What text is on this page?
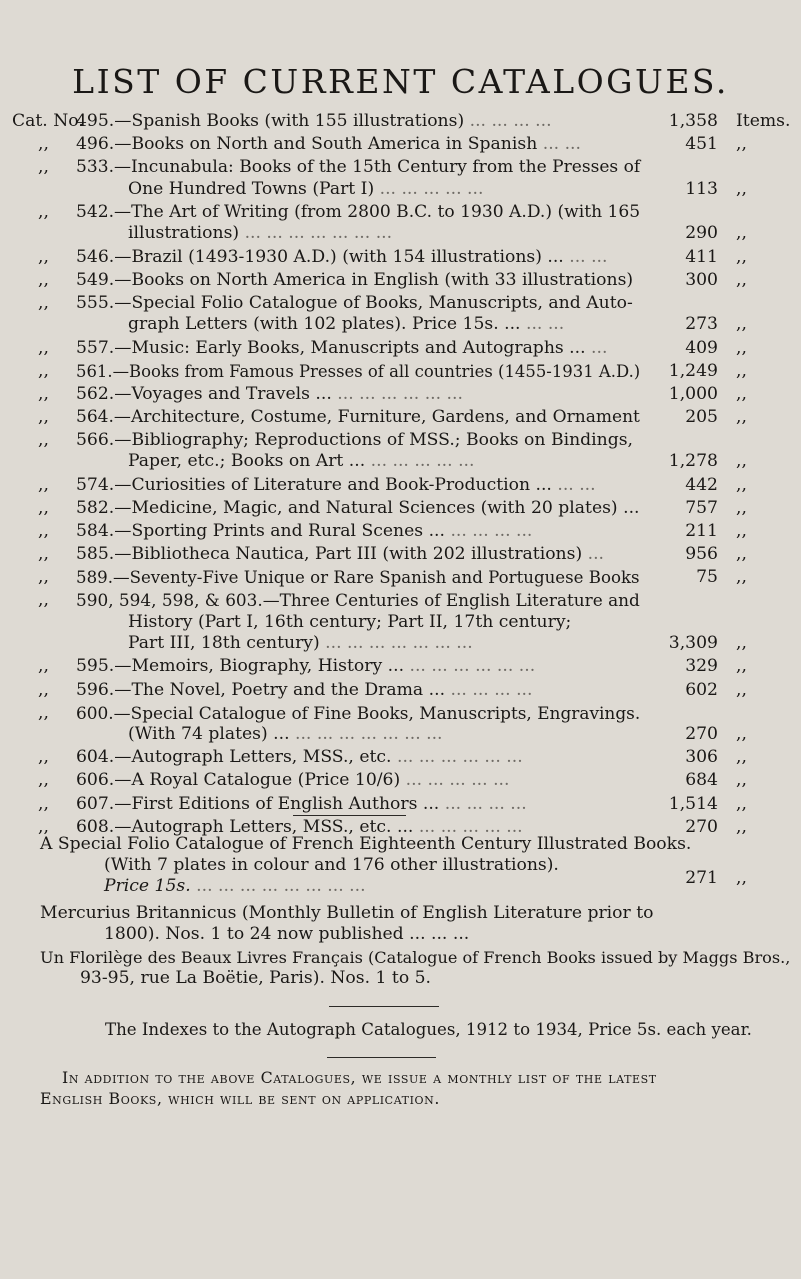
LIST OF CURRENT CATALOGUES.
Cat. No.
495.—Spanish Books (with 155 illustrations) ... ... ... ...	1,358 Items.
,, 496.—Books on North and South America in Spanish ... ...	451 ,,
,, 533.—Incunabula: Books of the 15th Century from the Presses of
One Hundred Towns (Part I) ... ... ... ... ...	113 ,,
,, 542.—The Art of Writing (from 2800 B.C. to 1930 A.D.) (with 165
illustrations) ... ... ... ... ... ... ...	290 ,,
,, 546.—Brazil (1493-1930 A.D.) (with 154 illustrations) ... ... ...	411 ,,
,, 549.—Books on North America in English (with 33 illustrations)	300 ,,
,, 555.—Special Folio Catalogue of Books, Manuscripts, and Auto-
graph Letters (with 102 plates). Price 15s. ... ... ...	273 ,,
,, 557.—Music: Early Books, Manuscripts and Autographs ... ...	409 ,,
,, 561.—Books from Famous Presses of all countries (1455-1931 A.D.)	1,249 ,,
,, 562.—Voyages and Travels ... ... ... ... ... ... ...	1,000 ,,
,, 564.—Architecture, Costume, Furniture, Gardens, and Ornament	205 ,,
,, 566.—Bibliography; Reproductions of MSS.; Books on Bindings,
Paper, etc.; Books on Art ... ... ... ... ... ...	1,278 ,,
,, 574.—Curiosities of Literature and Book-Production ... ... ...	442 ,,
,, 582.—Medicine, Magic, and Natural Sciences (with 20 plates) ...	757 ,,
,, 584.—Sporting Prints and Rural Scenes ... ... ... ... ...	211 ,,
,, 585.—Bibliotheca Nautica, Part III (with 202 illustrations) ...	956 ,,
,, 589.—Seventy-Five Unique or Rare Spanish and Portuguese Books	75 ,,
,, 590, 594, 598, & 603.—Three Centuries of English Literature and
History (Part I, 16th century; Part II, 17th century;
Part III, 18th century) ... ... ... ... ... ... ...	3,309 ,,
,, 595.—Memoirs, Biography, History ... ... ... ... ... ... ...	329 ,,
,, 596.—The Novel, Poetry and the Drama ... ... ... ... ...	602 ,,
,, 600.—Special Catalogue of Fine Books, Manuscripts, Engravings.
(With 74 plates) ... ... ... ... ... ... ... ...	270 ,,
,, 604.—Autograph Letters, MSS., etc. ... ... ... ... ... ...	306 ,,
,, 606.—A Royal Catalogue (Price 10/6) ... ... ... ... ...	684 ,,
,, 607.—First Editions of English Authors ... ... ... ... ...	1,514 ,,
,, 608.—Autograph Letters, MSS., etc. ... ... ... ... ... ...	270 ,,
A Special Folio Catalogue of French Eighteenth Century Illustrated Books.
(With 7 plates in colour and 176 other illustrations).
Price 15s. ... ... ... ... ... ... ... ...	271 ,,
Mercurius Britannicus (Monthly Bulletin of English Literature prior to
1800). Nos. 1 to 24 now published ... ... ...
Un Florilège des Beaux Livres Français (Catalogue of French Books issued by Maggs Bros.,
93-95, rue La Boëtie, Paris). Nos. 1 to 5.
The Indexes to the Autograph Catalogues, 1912 to 1934, Price 5s. each year.
In addition to the above Catalogues, we issue a monthly list of the latest
English Books, which will be sent on application.
